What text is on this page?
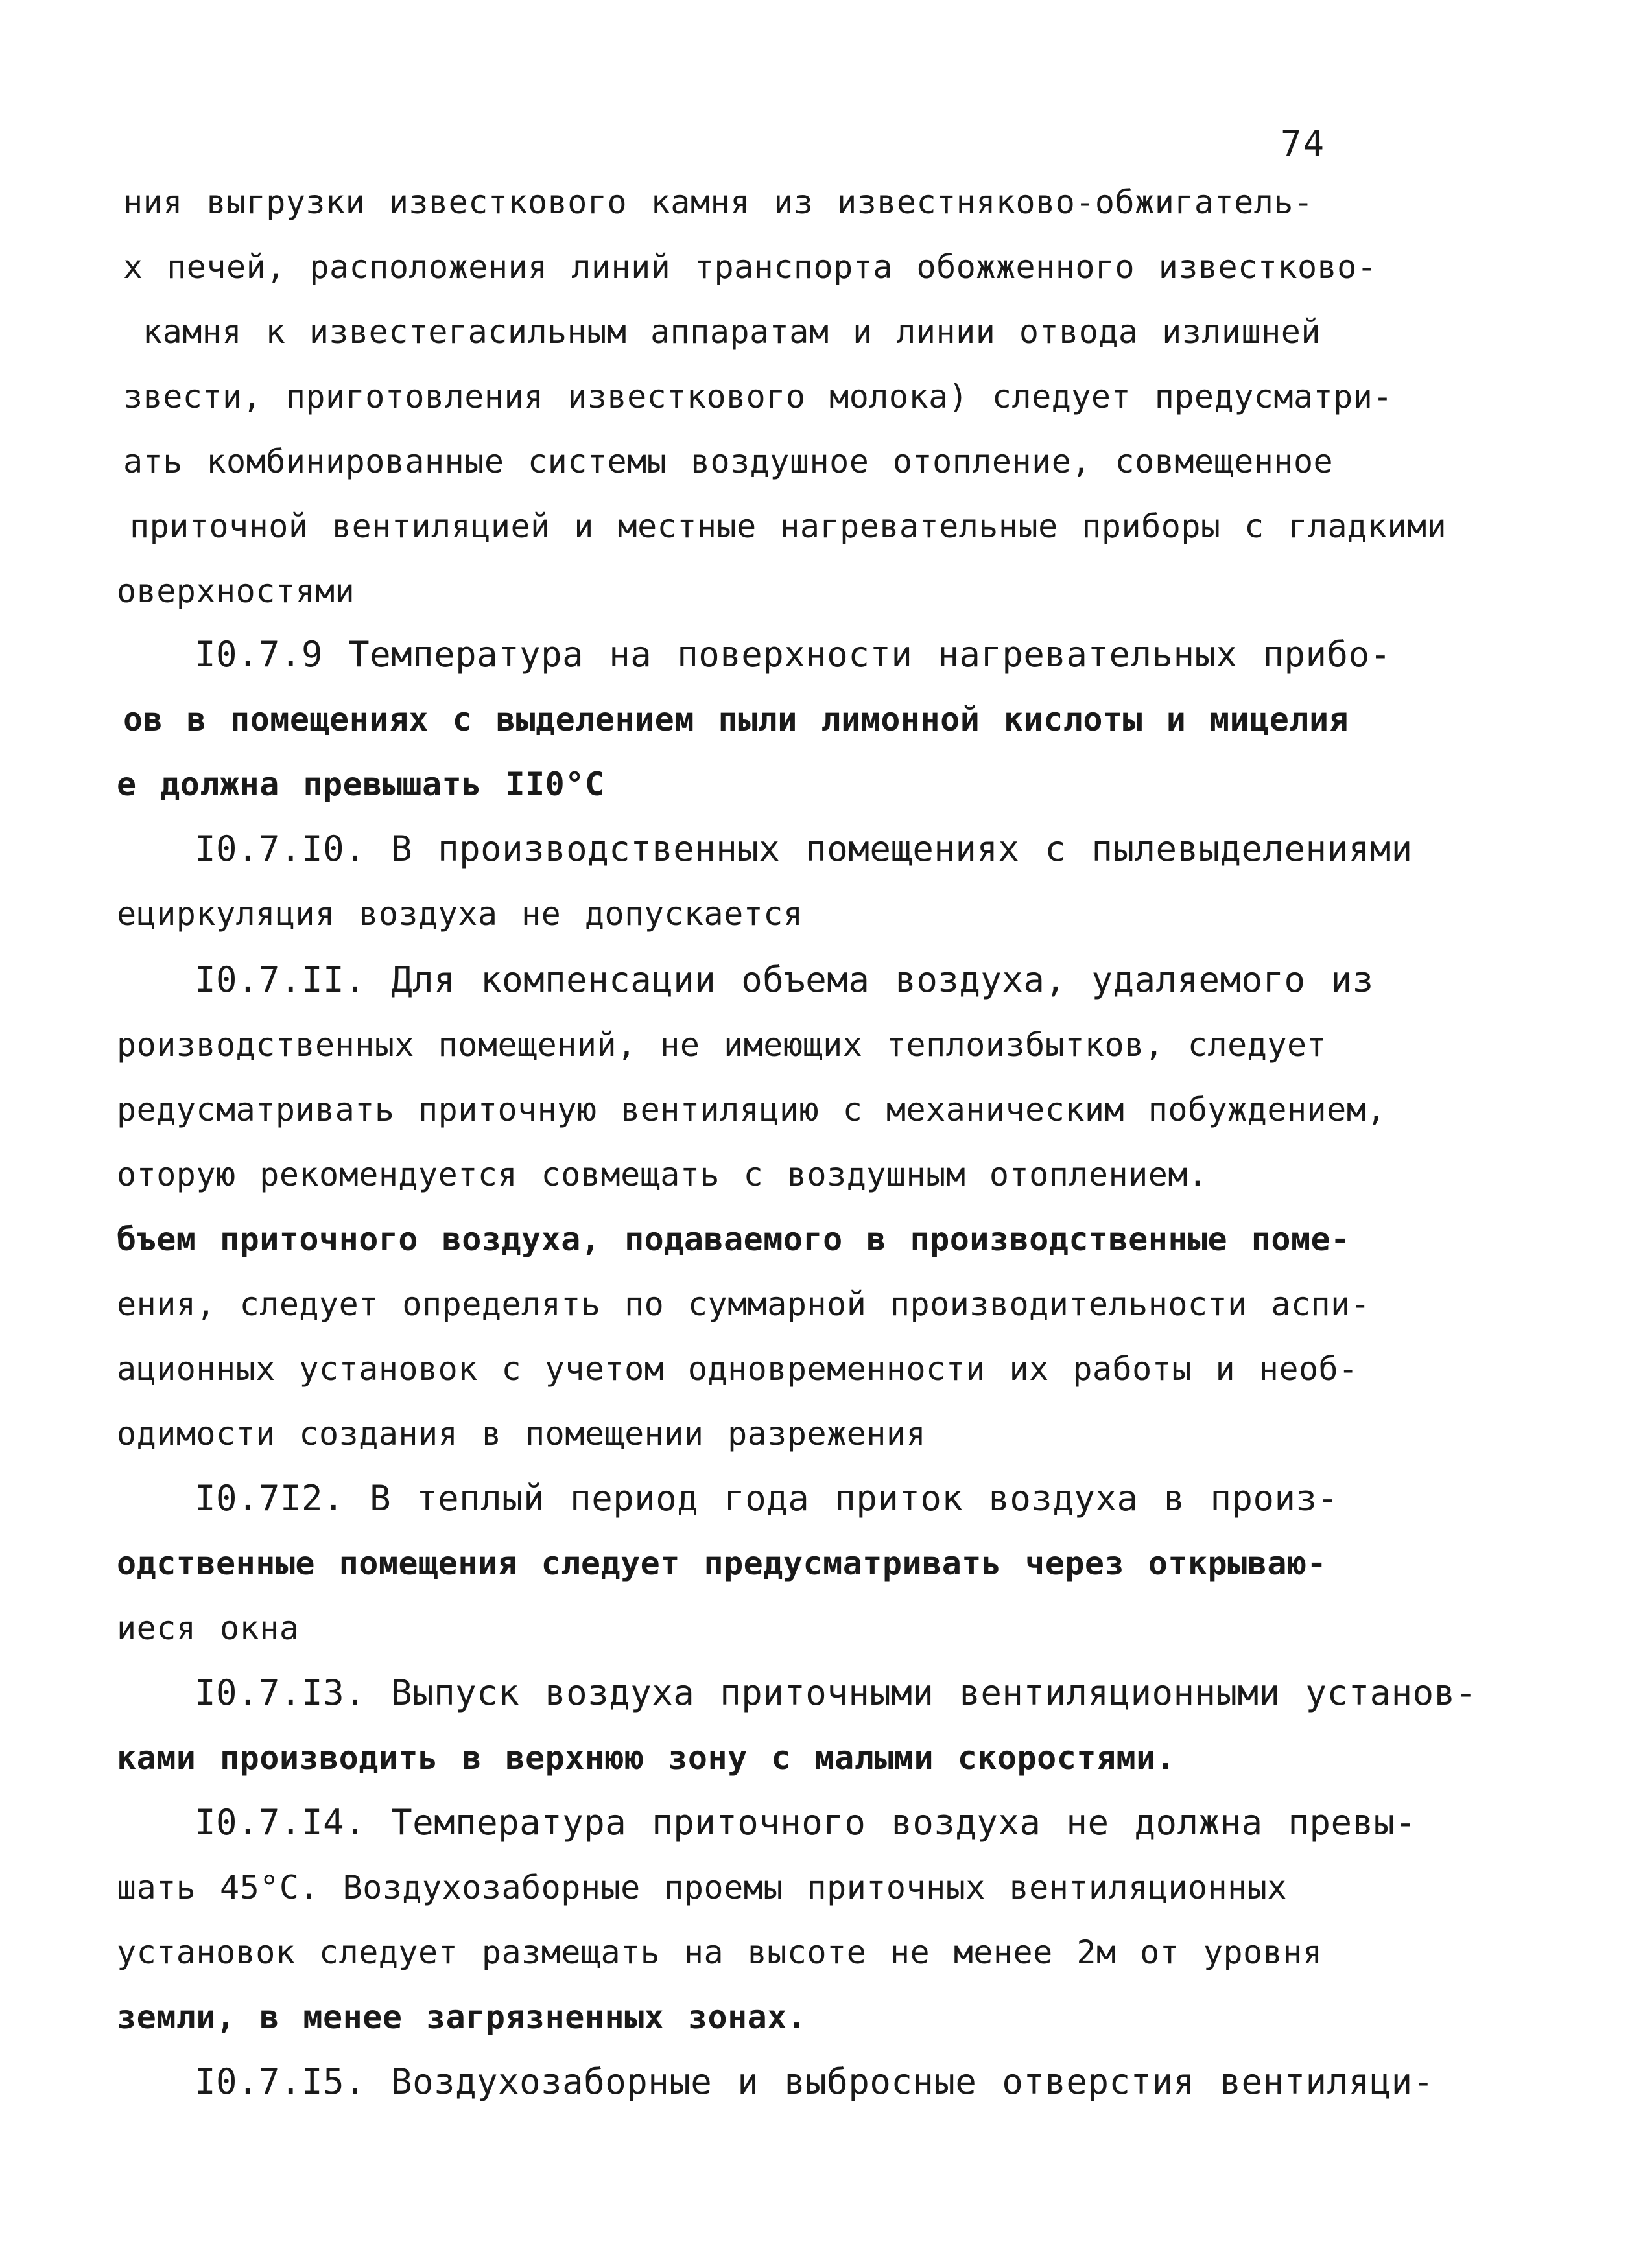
74
ния выгрузки известкового камня из известняково-обжигатель-
х печей, расположения линий транспорта обожженного известково-
камня к известегасильным аппаратам и линии отвода излишней
звести, приготовления известкового молока) следует предусматри-
ать комбинированные системы воздушное отопление, совмещенное
приточной вентиляцией и местные нагревательные приборы с гладкими
оверхностями
I0.7.9 Температура на поверхности нагревательных прибо-
ов в помещениях с выделением пыли лимонной кислоты и мицелия
е должна превышать II0°С
I0.7.I0. В производственных помещениях с пылевыделениями
ециркуляция воздуха не допускается
I0.7.II. Для компенсации объема воздуха, удаляемого из
роизводственных помещений, не имеющих теплоизбытков, следует
редусматривать приточную вентиляцию с механическим побуждением,
оторую рекомендуется совмещать с воздушным отоплением.
бъем приточного воздуха, подаваемого в производственные поме-
ения, следует определять по суммарной производительности аспи-
ационных установок с учетом одновременности их работы и необ-
одимости создания в помещении разрежения
I0.7I2. В теплый период года приток воздуха в произ-
одственные помещения следует предусматривать через открываю-
иеся окна
I0.7.I3. Выпуск воздуха приточными вентиляционными установ-
ками производить в верхнюю зону с малыми скоростями.
I0.7.I4. Температура приточного воздуха не должна превы-
шать 45°С. Воздухозаборные проемы приточных вентиляционных
установок следует размещать на высоте не менее 2м от уровня
земли, в менее загрязненных зонах.
I0.7.I5. Воздухозаборные и выбросные отверстия вентиляци-
